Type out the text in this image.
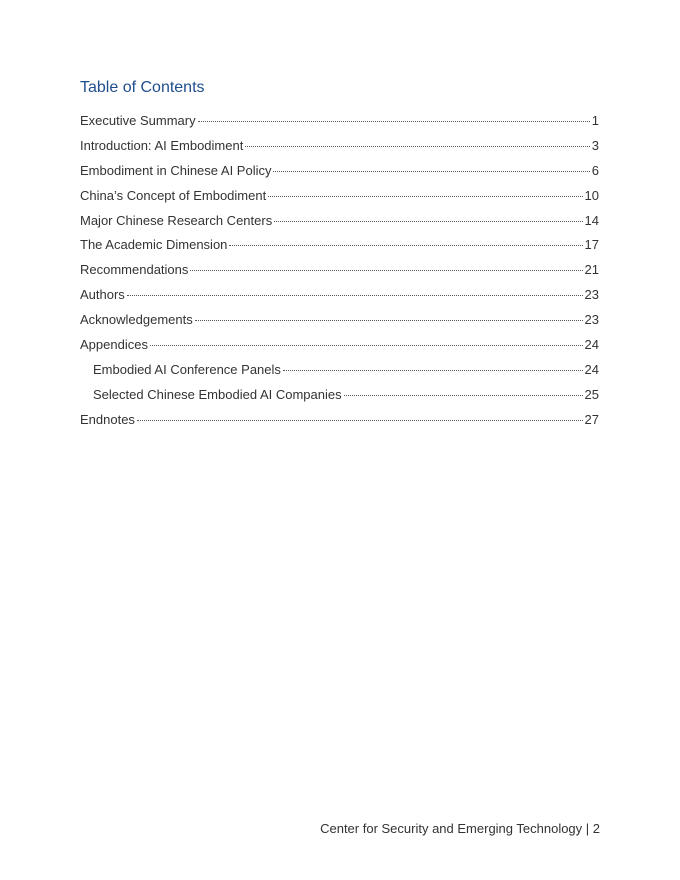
Table of Contents
Executive Summary	1
Introduction: AI Embodiment	3
Embodiment in Chinese AI Policy	6
China’s Concept of Embodiment	10
Major Chinese Research Centers	14
The Academic Dimension	17
Recommendations	21
Authors	23
Acknowledgements	23
Appendices	24
Embodied AI Conference Panels	24
Selected Chinese Embodied AI Companies	25
Endnotes	27
Center for Security and Emerging Technology | 2
